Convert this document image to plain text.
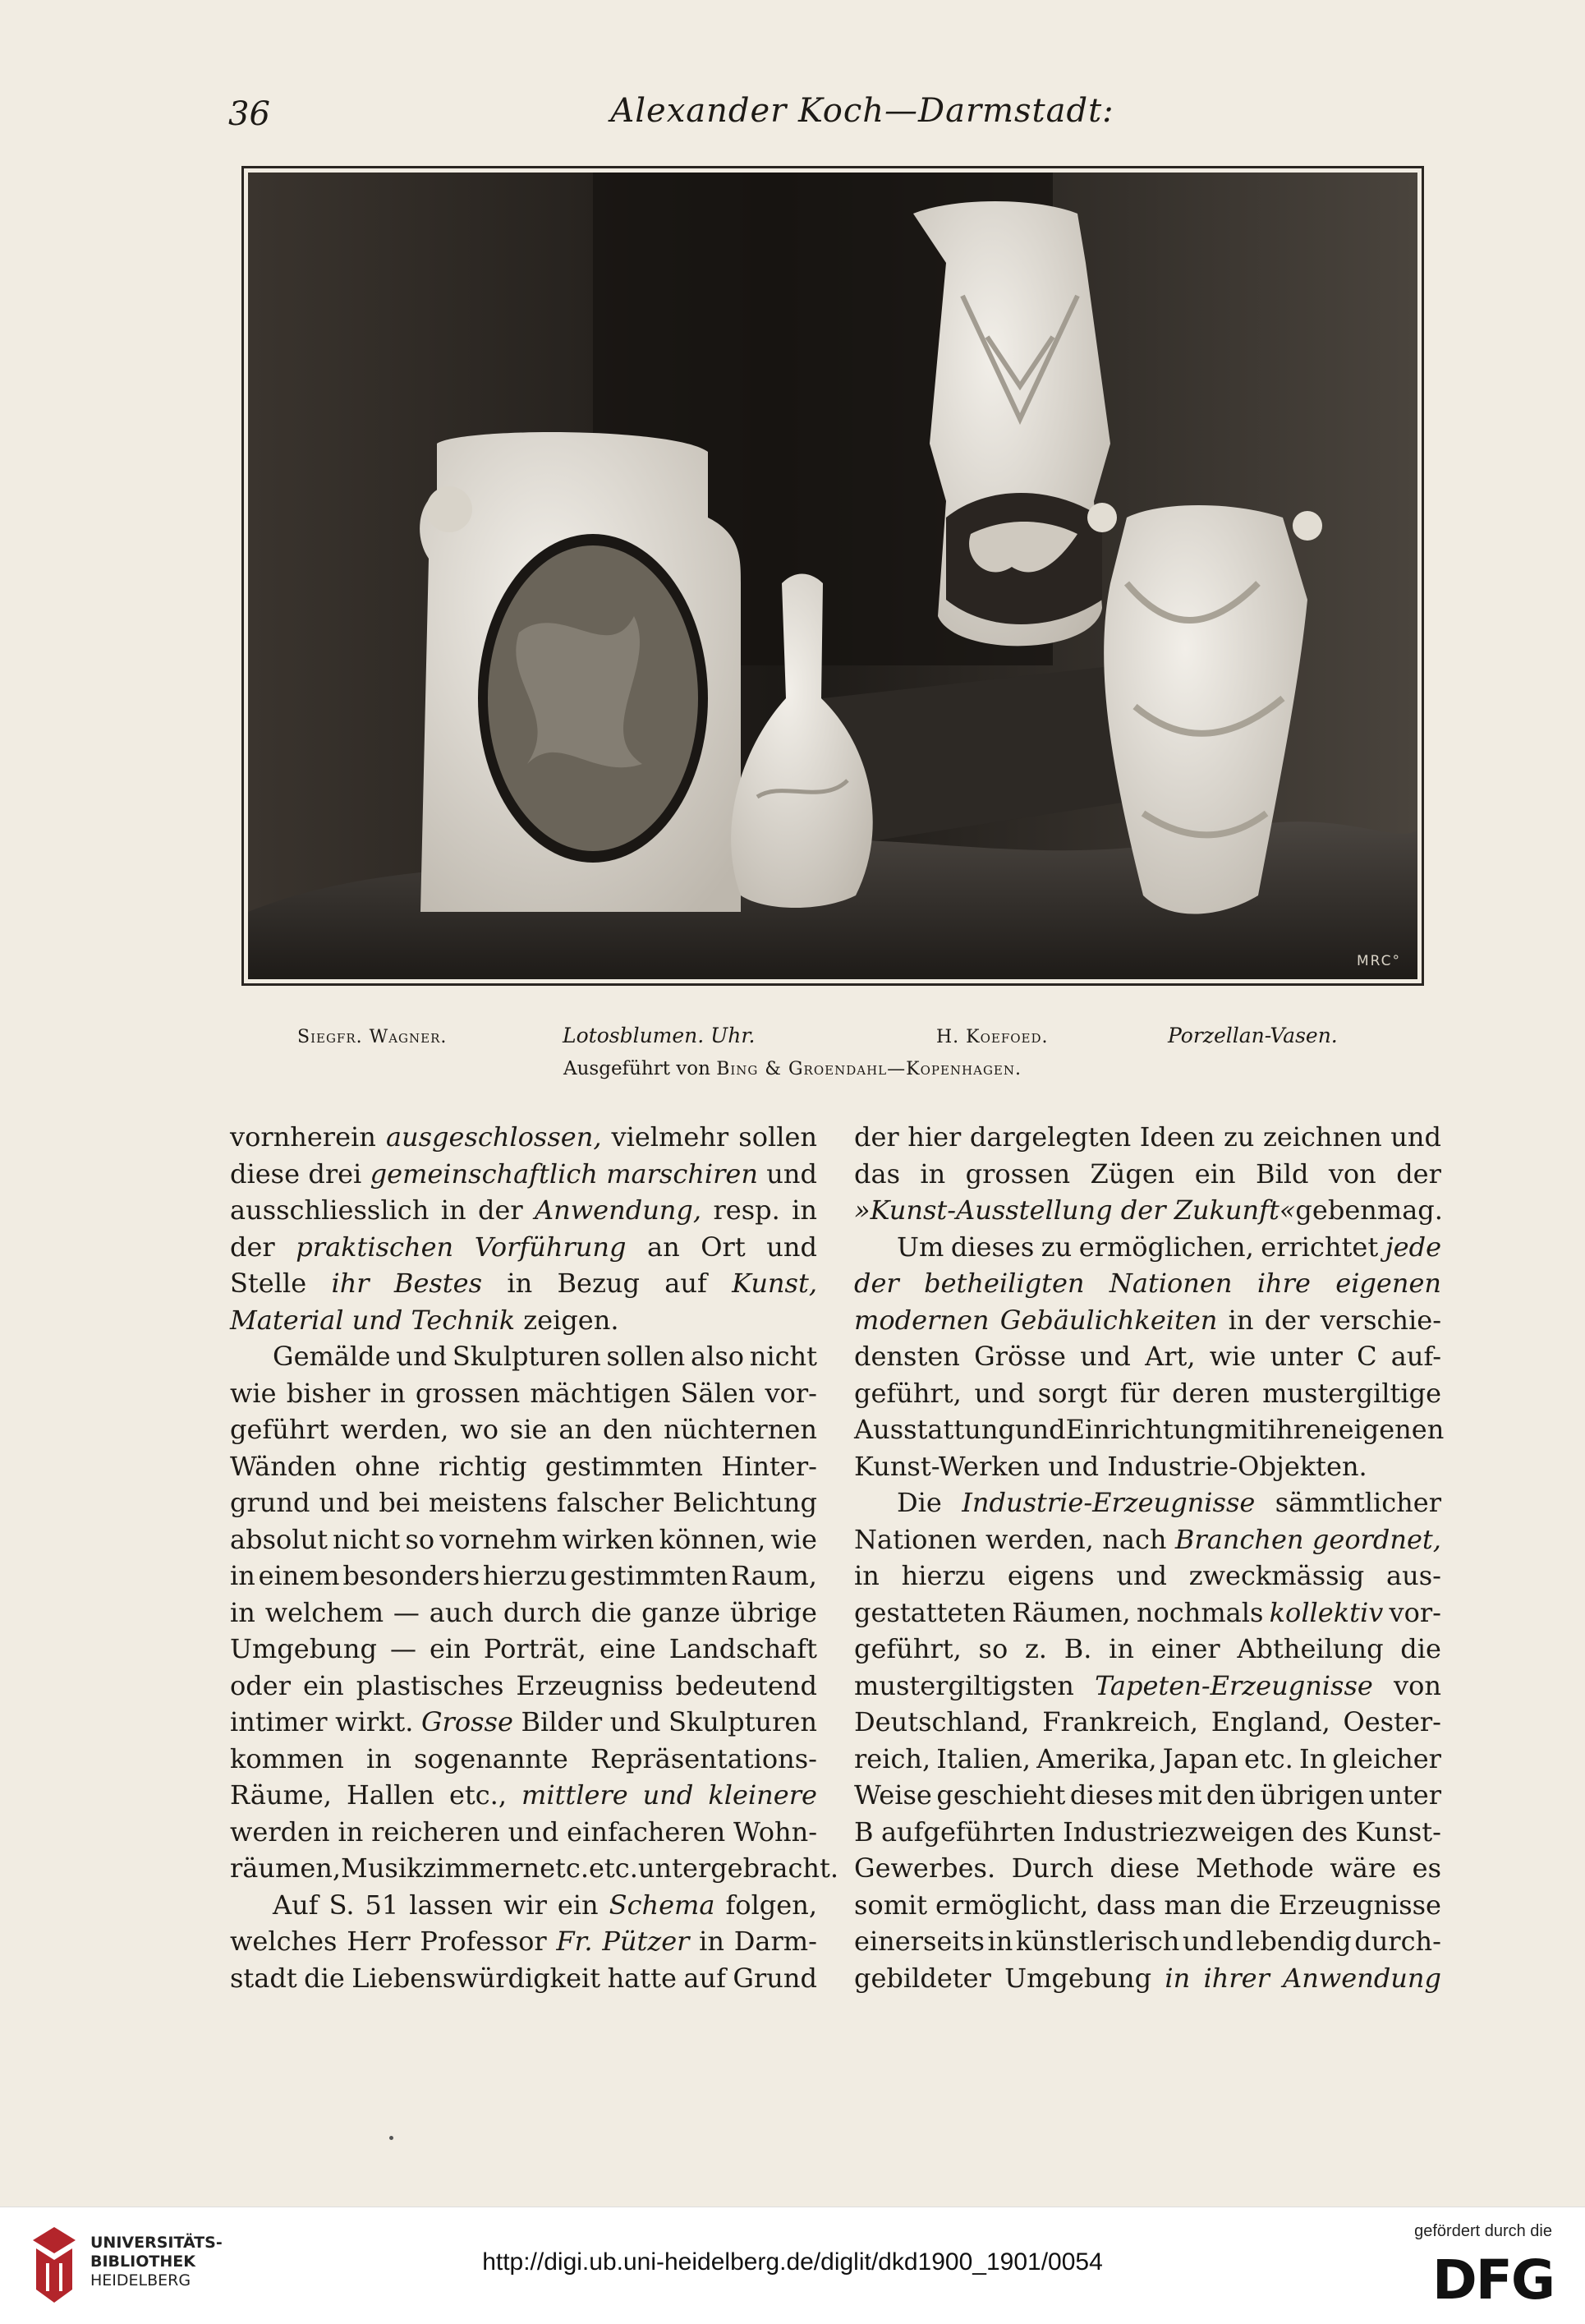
36	Alexander Koch—Darmstadt:
MRC°
Siegfr. Wagner.	Lotosblumen. Uhr.	H. Koefoed.	Porzellan-Vasen.
Ausgeführt von Bing & Groendahl—Kopenhagen.
vornherein ausgeschlossen, vielmehr sollen
diese drei gemeinschaftlich marschiren und
ausschliesslich in der Anwendung, resp. in
der praktischen Vorführung an Ort und
Stelle ihr Bestes in Bezug auf Kunst,
Material und Technik zeigen.
Gemälde und Skulpturen sollen also nicht
wie bisher in grossen mächtigen Sälen vor-
geführt werden, wo sie an den nüchternen
Wänden ohne richtig gestimmten Hinter-
grund und bei meistens falscher Belichtung
absolut nicht so vornehm wirken können, wie
in einem besonders hierzu gestimmten Raum,
in welchem — auch durch die ganze übrige
Umgebung — ein Porträt, eine Landschaft
oder ein plastisches Erzeugniss bedeutend
intimer wirkt. Grosse Bilder und Skulpturen
kommen in sogenannte Repräsentations-
Räume, Hallen etc., mittlere und kleinere
werden in reicheren und einfacheren Wohn-
räumen, Musikzimmern etc. etc. untergebracht.
Auf S. 51 lassen wir ein Schema folgen,
welches Herr Professor Fr. Pützer in Darm-
stadt die Liebenswürdigkeit hatte auf Grund
der hier dargelegten Ideen zu zeichnen und
das in grossen Zügen ein Bild von der
»Kunst-Ausstellung der Zukunft« geben mag.
Um dieses zu ermöglichen, errichtet jede
der betheiligten Nationen ihre eigenen
modernen Gebäulichkeiten in der verschie-
densten Grösse und Art, wie unter C auf-
geführt, und sorgt für deren mustergiltige
Ausstattung und Einrichtung mit ihren eigenen
Kunst-Werken und Industrie-Objekten.
Die Industrie-Erzeugnisse sämmtlicher
Nationen werden, nach Branchen geordnet,
in hierzu eigens und zweckmässig aus-
gestatteten Räumen, nochmals kollektiv vor-
geführt, so z. B. in einer Abtheilung die
mustergiltigsten Tapeten-Erzeugnisse von
Deutschland, Frankreich, England, Oester-
reich, Italien, Amerika, Japan etc. In gleicher
Weise geschieht dieses mit den übrigen unter
B aufgeführten Industriezweigen des Kunst-
Gewerbes. Durch diese Methode wäre es
somit ermöglicht, dass man die Erzeugnisse
einerseits in künstlerisch und lebendig durch-
gebildeter Umgebung in ihrer Anwendung
UNIVERSITÄTS-
BIBLIOTHEK
HEIDELBERG
http://digi.ub.uni-heidelberg.de/diglit/dkd1900_1901/0054
gefördert durch die
DFG
